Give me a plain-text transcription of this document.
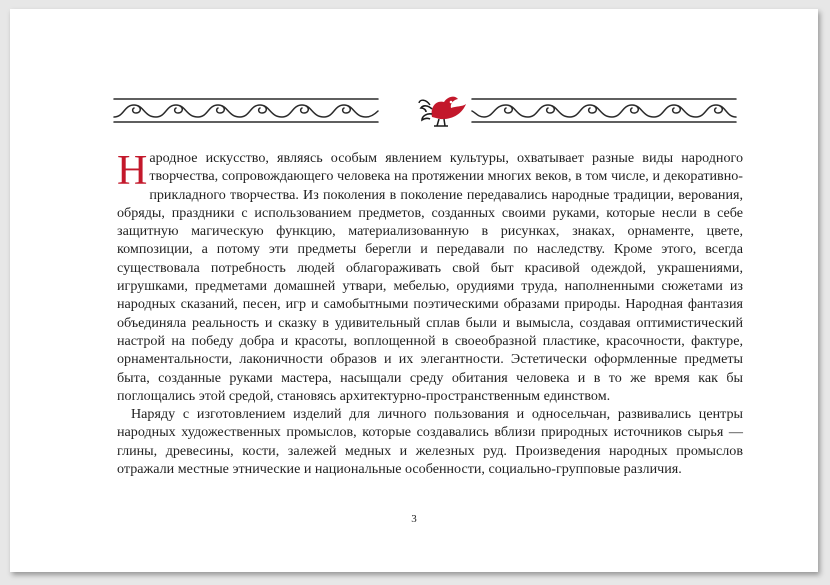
Народное искусство, являясь особым явлением культуры, охватывает разные виды народного творчества, сопровождающего человека на протяжении многих веков, в том числе, и декоративно-прикладного творчества. Из поколения в поколение передавались народные традиции, верования, обряды, праздники с использованием предметов, созданных своими руками, которые несли в себе защитную магическую функцию, материализованную в рисунках, знаках, орнаменте, цвете, композиции, а потому эти предметы берегли и передавали по наследству. Кроме этого, всегда существовала потребность людей облагораживать свой быт красивой одеждой, украшениями, игрушками, предметами домашней утвари, мебелью, орудиями труда, наполненными сюжетами из народных сказаний, песен, игр и самобытными поэтическими образами природы. Народная фантазия объединяла реальность и сказку в удивительный сплав были и вымысла, создавая оптимистический настрой на победу добра и красоты, воплощенной в своеобразной пластике, красочности, фактуре, орнаментальности, лаконичности образов и их элегантности. Эстетически оформленные предметы быта, созданные руками мастера, насыщали среду обитания человека и в то же время как бы поглощались этой средой, становясь архитектурно-пространственным единством.

Наряду с изготовлением изделий для личного пользования и односельчан, развивались центры народных художественных промыслов, которые создавались вблизи природных источников сырья — глины, древесины, кости, залежей медных и железных руд. Произведения народных промыслов отражали местные этнические и национальные особенности, социально-групповые различия.

3
